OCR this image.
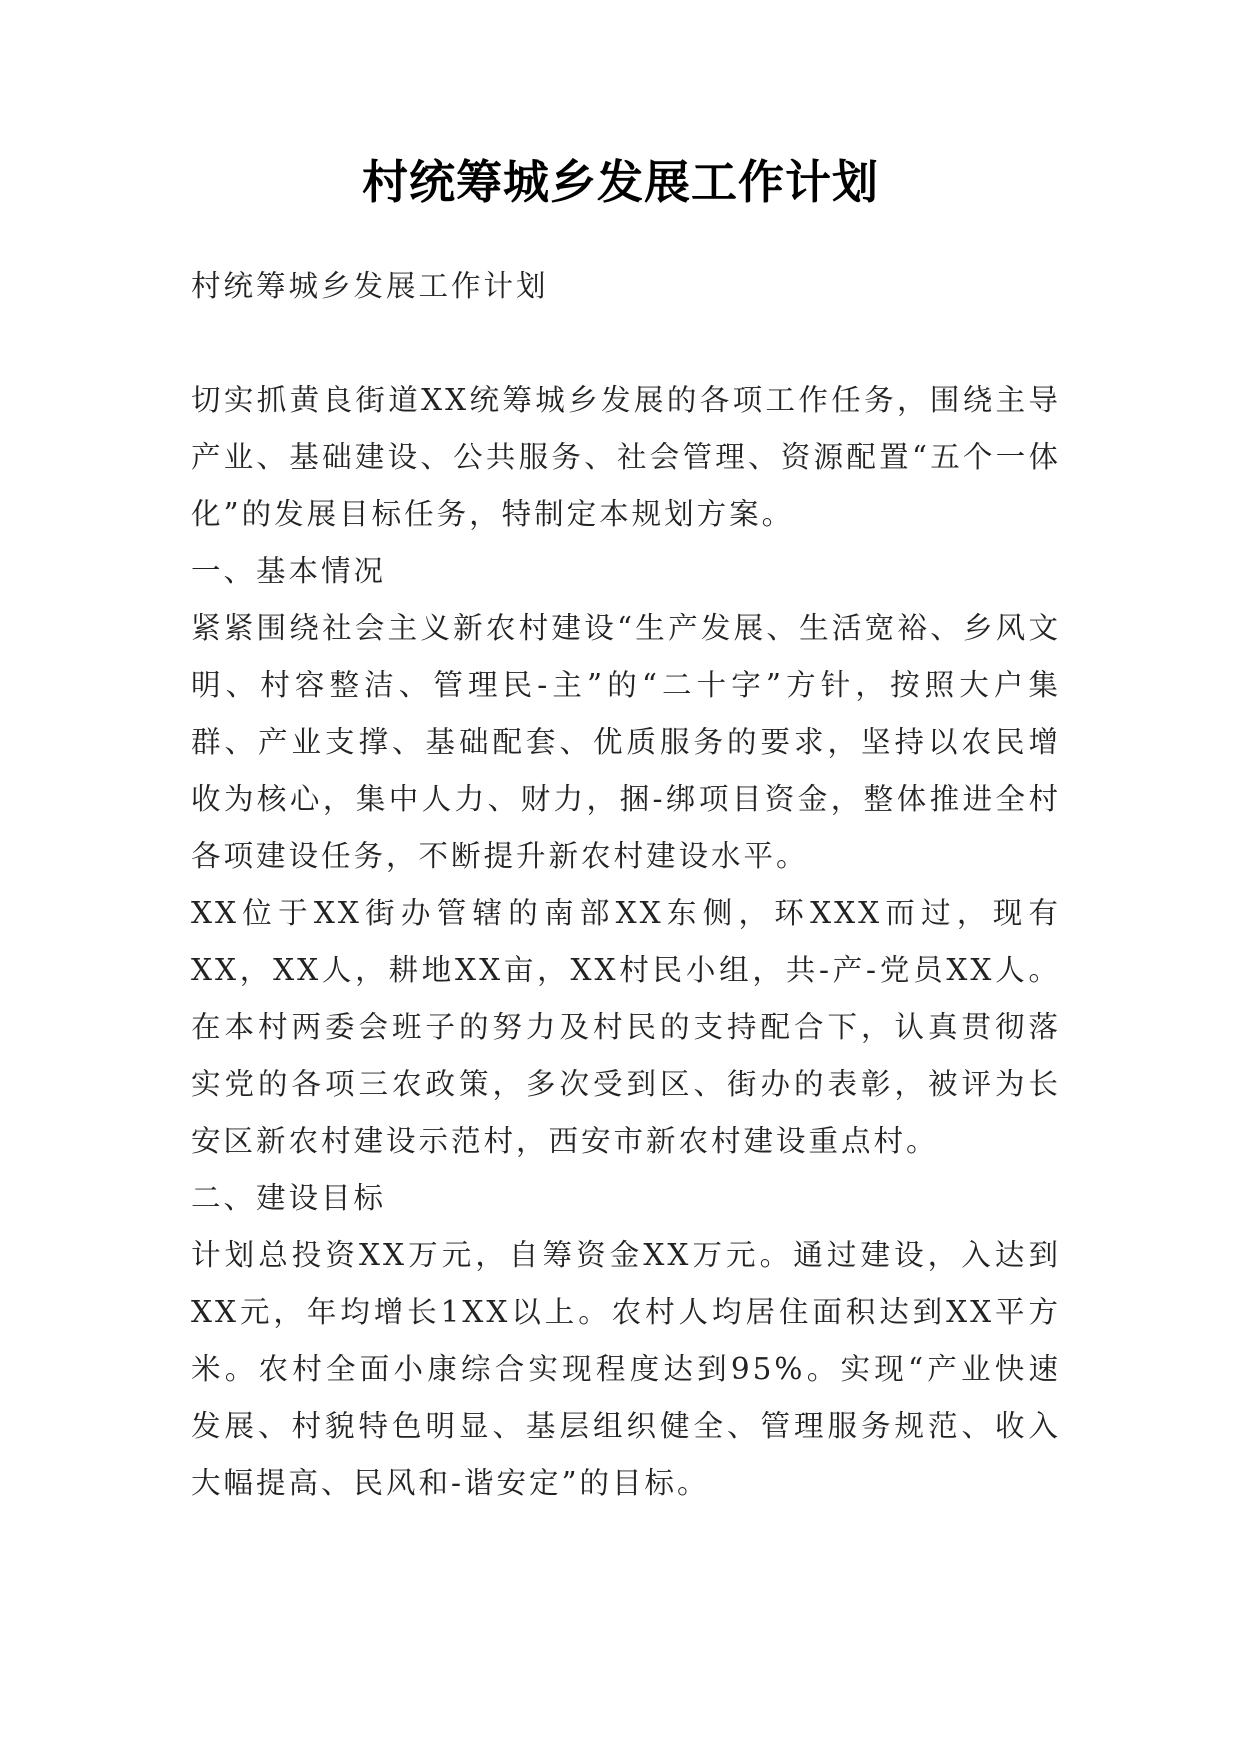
村统筹城乡发展工作计划

村统筹城乡发展工作计划

切实抓黄良街道XX统筹城乡发展的各项工作任务，围绕主导产业、基础建设、公共服务、社会管理、资源配置“五个一体化”的发展目标任务，特制定本规划方案。

一、基本情况

紧紧围绕社会主义新农村建设“生产发展、生活宽裕、乡风文明、村容整洁、管理民-主”的“二十字”方针，按照大户集群、产业支撑、基础配套、优质服务的要求，坚持以农民增收为核心，集中人力、财力，捆-绑项目资金，整体推进全村各项建设任务，不断提升新农村建设水平。

XX位于XX街办管辖的南部XX东侧，环XXX而过，现有XX，XX人，耕地XX亩，XX村民小组，共-产-党员XX人。在本村两委会班子的努力及村民的支持配合下，认真贯彻落实党的各项三农政策，多次受到区、街办的表彰，被评为长安区新农村建设示范村，西安市新农村建设重点村。

二、建设目标

计划总投资XX万元，自筹资金XX万元。通过建设，入达到XX元，年均增长1XX以上。农村人均居住面积达到XX平方米。农村全面小康综合实现程度达到95%。实现“产业快速发展、村貌特色明显、基层组织健全、管理服务规范、收入大幅提高、民风和-谐安定”的目标。
